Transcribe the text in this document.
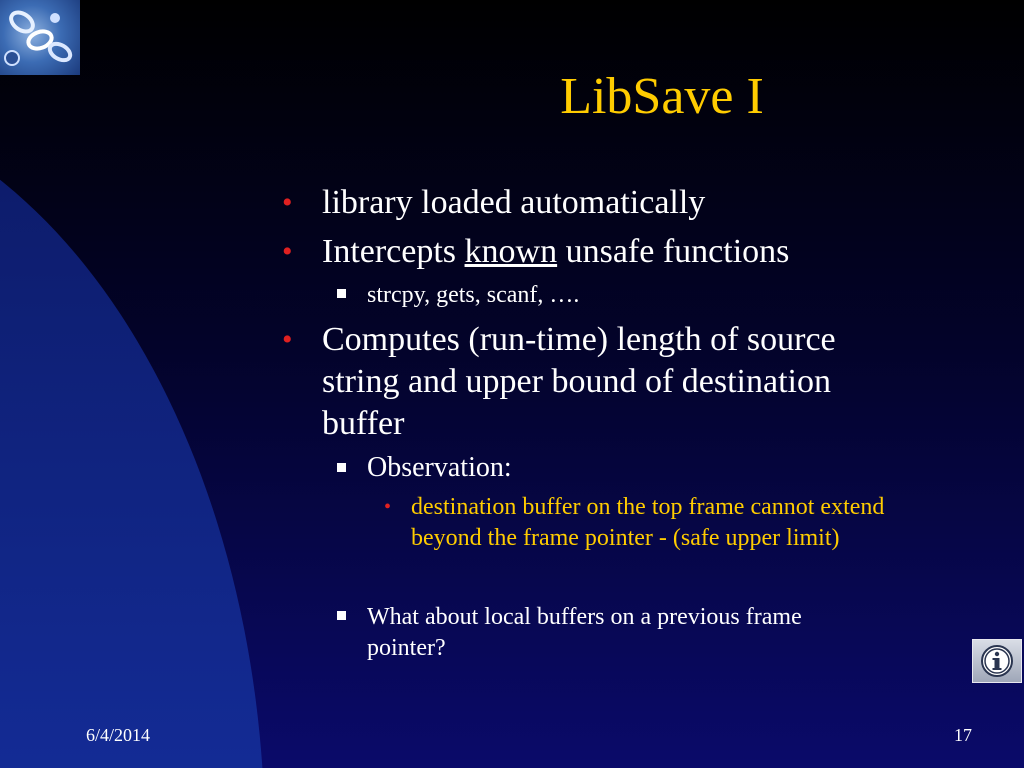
LibSave I
• library loaded automatically
• Intercepts known unsafe functions
strcpy, gets, scanf, ….
• Computes (run-time) length of source
string and upper bound of destination
buffer
Observation:
• destination buffer on the top frame cannot extend
beyond the frame pointer - (safe upper limit)
What about local buffers on a previous frame
pointer?
6/4/2014	17
